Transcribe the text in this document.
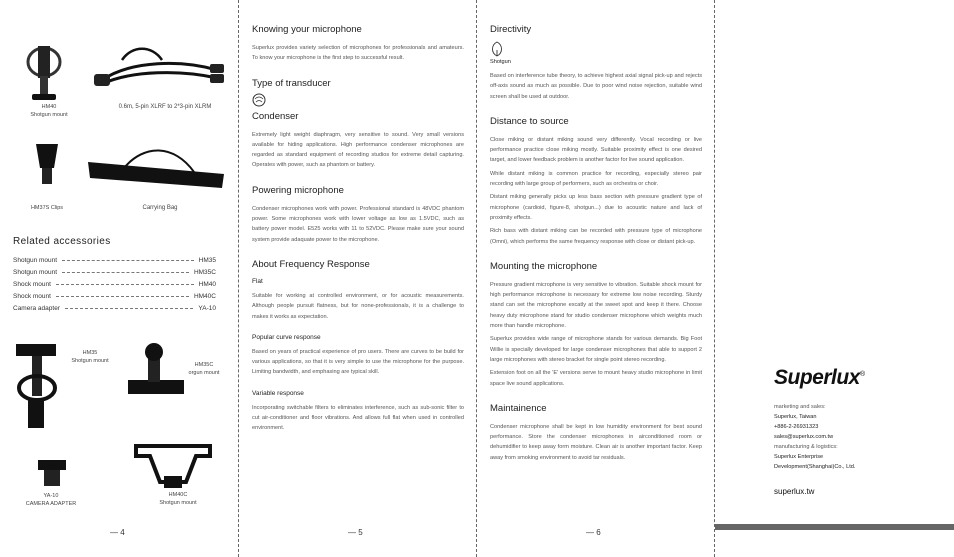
HM40
Shotgun mount
0.6m, 5-pin XLRF to 2*3-pin XLRM
HM37S Clips	Carrying Bag
Related accessories
Shotgun mount	HM35
Shotgun mount	HM35C
Shock mount	HM40
Shock mount	HM40C
Camera adapter	YA-10
HM35
Shotgun mount
HM35C
orgun mount
YA-10
CAMERA ADAPTER
HM40C
Shotgun mount
— 4
Knowing your microphone

Superlux provides variety selection of microphones for professionals and amateurs. To know your microphone is the first step to successful result.

Type of transducer
Condenser

Extremely light weight diaphragm, very sensitive to sound. Very small versions available for hiding applications. High performance condenser microphones are regarded as standard equipment of recording studios for extreme detail capturing. Operates with power, such as phantom or battery.

Powering microphone

Condenser microphones work with power. Professional standard is 48VDC phantom power. Some microphones work with lower voltage as low as 1.5VDC, such as battery power model. E525 works with 11 to 52VDC. Please make sure your sound system provide adaquate power to the microphone.

About Frequency Response
Flat

Suitable for working at controlled environment, or for acoustic measurements. Although people pursuit flatness, but for none-professionals, it is a challenge to makes it works as expectation.

Popular curve response

Based on years of practical experience of pro users. There are curves to be build for various applications, so that it is very simple to use the microphone for the purpose. Limiting bandwidth, and emphasing are typical skill.

Variable response

Incorporating switchable filters to eliminates interference, such as sub-sonic filter to cut air-conditioner and floor vibrations. And allows full flat when used in controlled environment.

— 5
Directivity
Shotgun

Based on interference tube theory, to achieve highest axial signal pick-up and rejects off-axis sound as much as possible. Due to poor wind noise rejection, suitable wind screen shall be used at outdoor.

Distance to source

Close miking or distant miking sound very differently. Vocal recording or live performance practice close miking mostly. Suitable proximity effect is one desired target, and lower feedback problem is another factor for live sound application.

While distant miking is common practice for recording, especially stereo pair recording with large group of performers, such as orchestra or choir.

Distant miking generally picks up less bass section with pressure gradient type of microphone (cardioid, figure-8, shotgun...) due to acoustic nature and lack of proximity effects.

Rich bass with distant miking can be recorded with pressure type of microphone (Omni), which performs the same frequency response with close or distant pick-up.

Mounting the microphone

Pressure gradient microphone is very sensitive to vibration. Suitable shock mount for high performance microphone is necessary for extreme low noise recording. Sturdy stand can set the microphone excatly at the sweet spot and keep it there. Choose heavy duty microphone stand for studio condenser microphone which weights much more than handle microphone.

Superlux provides wide range of microphone stands for various demands. Big Foot Willie is specially developed for large condenser microphones that able to support 2 large microphones with stereo bracket for single point stereo recording.

Extension foot on all the 'E' versions serve to mount heavy studio microphone in limit space live sound applications.

Maintainence

Condenser microphone shall be kept in low humidity environment for best sound performance. Store the condenser microphones in airconditioned room or dehumidifier to keep away form moisture. Clean air is another important factor. Keep away from smoking environment to avoid tar residuals.

— 6
Superlux®
marketing and sales:
Superlux, Taiwan
+886-2-26931323
sales@superlux.com.tw
manufacturing & logistics:
Superlux Enterprise
Development(Shanghai)Co., Ltd.
superlux.tw
